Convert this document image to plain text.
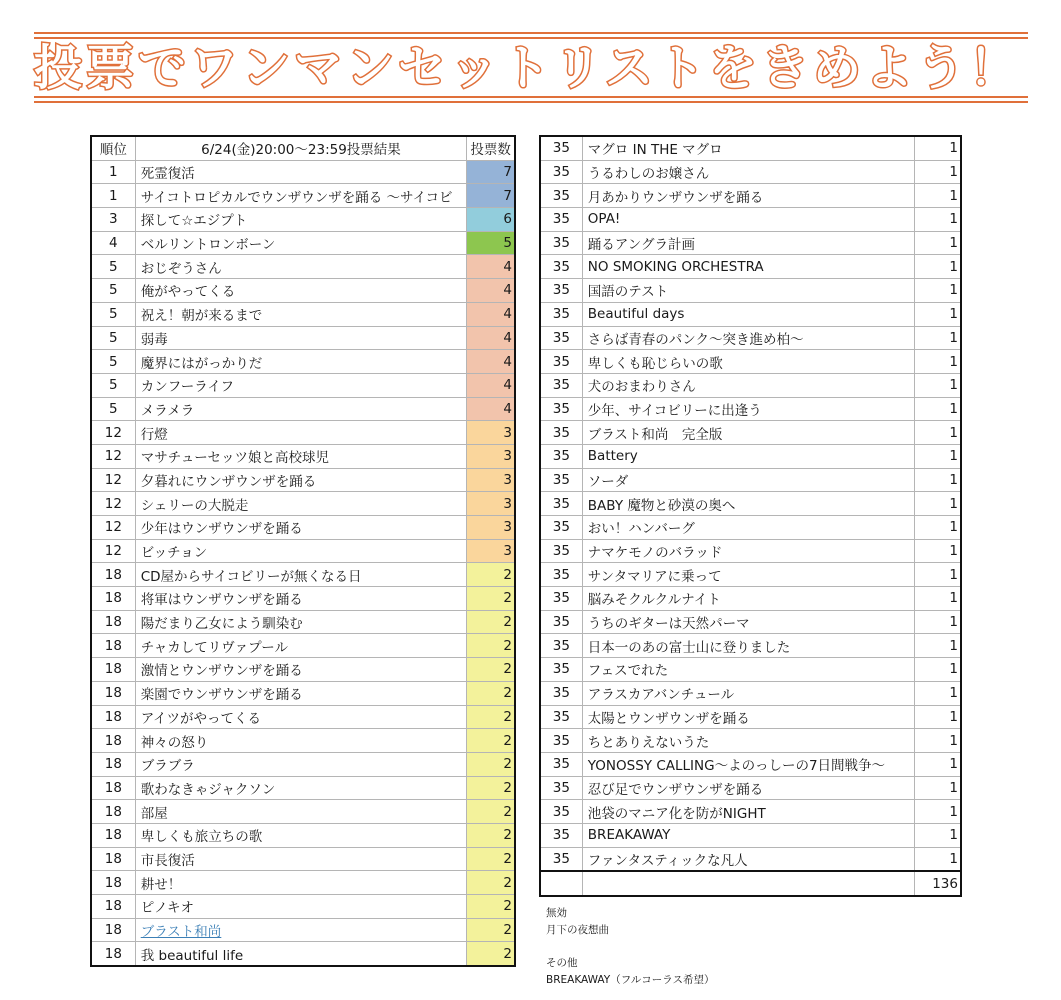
投票でワンマンセットリストをきめよう！
順位	6/24(金)20:00～23:59投票結果	投票数
1	死霊復活	7
1	サイコトロピカルでウンザウンザを踊る 〜サイコビ	7
3	探して☆エジプト	6
4	ベルリントロンボーン	5
5	おじぞうさん	4
5	俺がやってくる	4
5	祝え！朝が来るまで	4
5	弱毒	4
5	魔界にはがっかりだ	4
5	カンフーライフ	4
5	メラメラ	4
12	行燈	3
12	マサチューセッツ娘と高校球児	3
12	夕暮れにウンザウンザを踊る	3
12	シェリーの大脱走	3
12	少年はウンザウンザを踊る	3
12	ビッチョン	3
18	CD屋からサイコビリーが無くなる日	2
18	将軍はウンザウンザを踊る	2
18	陽だまり乙女によう馴染む	2
18	チャカしてリヴァプール	2
18	激情とウンザウンザを踊る	2
18	楽園でウンザウンザを踊る	2
18	アイツがやってくる	2
18	神々の怒り	2
18	ブラブラ	2
18	歌わなきゃジャクソン	2
18	部屋	2
18	卑しくも旅立ちの歌	2
18	市長復活	2
18	耕せ！	2
18	ピノキオ	2
18	ブラスト和尚	2
18	我 beautiful life	2
35	マグロ IN THE マグロ	1
35	うるわしのお嬢さん	1
35	月あかりウンザウンザを踊る	1
35	OPA!	1
35	踊るアングラ計画	1
35	NO SMOKING ORCHESTRA	1
35	国語のテスト	1
35	Beautiful days	1
35	さらば青春のパンク〜突き進め柏〜	1
35	卑しくも恥じらいの歌	1
35	犬のおまわりさん	1
35	少年、サイコビリーに出逢う	1
35	ブラスト和尚　完全版	1
35	Battery	1
35	ソーダ	1
35	BABY 魔物と砂漠の奥へ	1
35	おい！ハンバーグ	1
35	ナマケモノのバラッド	1
35	サンタマリアに乗って	1
35	脳みそクルクルナイト	1
35	うちのギターは天然パーマ	1
35	日本一のあの富士山に登りました	1
35	フェスでれた	1
35	アラスカアバンチュール	1
35	太陽とウンザウンザを踊る	1
35	ちとありえないうた	1
35	YONOSSY CALLING〜よのっしーの7日間戦争〜	1
35	忍び足でウンザウンザを踊る	1
35	池袋のマニア化を防がNIGHT	1
35	BREAKAWAY	1
35	ファンタスティックな凡人	1
		136
無効
月下の夜想曲
その他
BREAKAWAY（フルコーラス希望）
